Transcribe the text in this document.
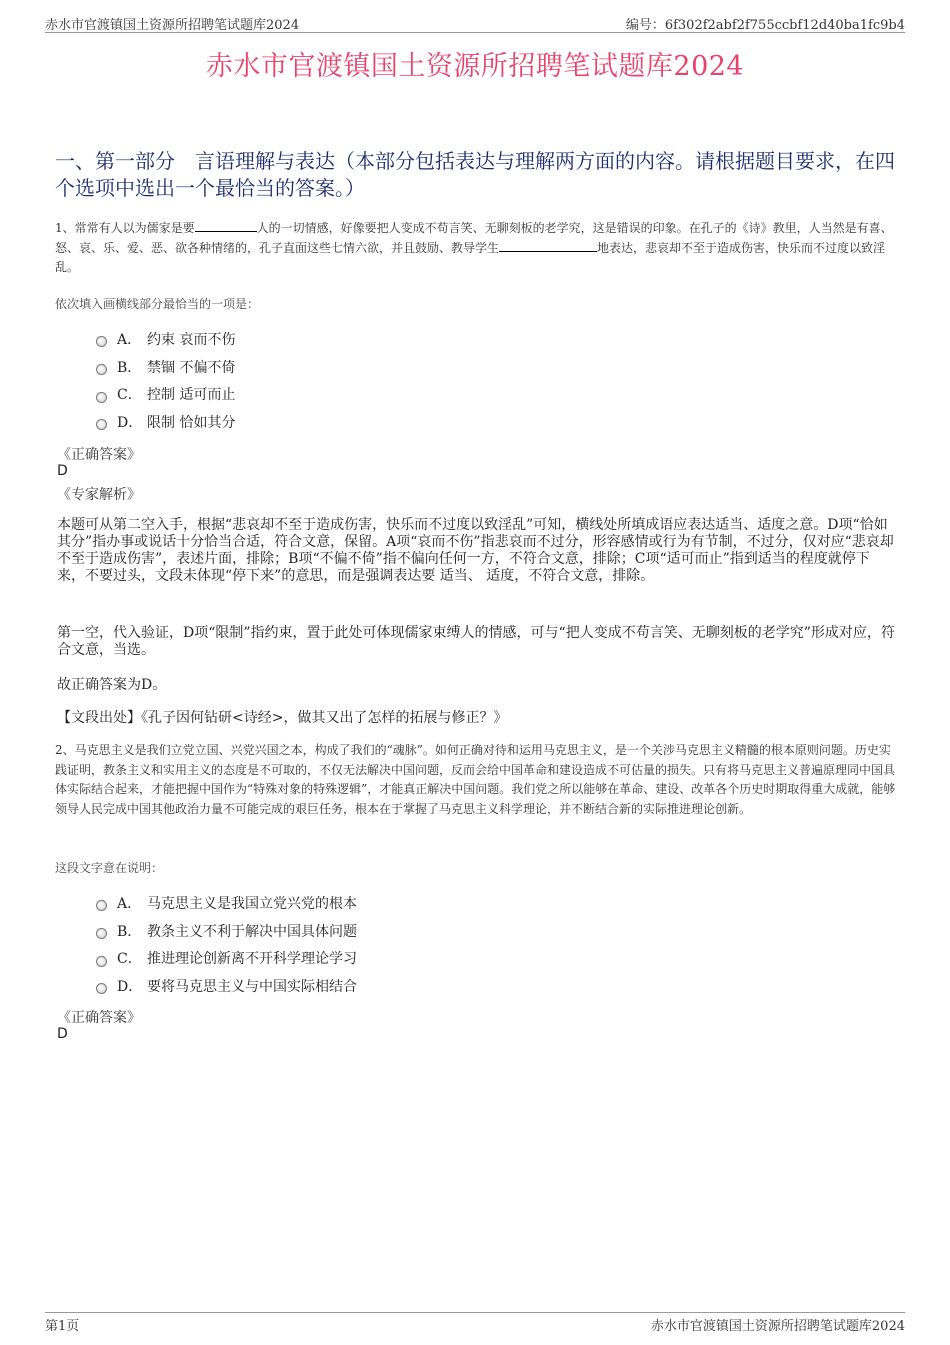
赤水市官渡镇国土资源所招聘笔试题库2024	编号：6f302f2abf2f755ccbf12d40ba1fc9b4
赤水市官渡镇国土资源所招聘笔试题库2024
一、第一部分　言语理解与表达（本部分包括表达与理解两方面的内容。请根据题目要求，在四个选项中选出一个最恰当的答案。）
1、常常有人以为儒家是要	人的一切情感，好像要把人变成不苟言笑、无聊刻板的老学究，这是错误的印象。在孔子的《诗》教里，人当然是有喜、怒、哀、乐、爱、恶、欲各种情绪的，孔子直面这些七情六欲，并且鼓励、教导学生	地表达，悲哀却不至于造成伤害，快乐而不过度以致淫乱。
依次填入画横线部分最恰当的一项是：
A． 约束 哀而不伤
B． 禁锢 不偏不倚
C． 控制 适可而止
D． 限制 恰如其分
《正确答案》
D
《专家解析》
本题可从第二空入手，根据“悲哀却不至于造成伤害，快乐而不过度以致淫乱”可知，横线处所填成语应表达适当、适度之意。D项“恰如其分”指办事或说话十分恰当合适，符合文意，保留。A项“哀而不伤”指悲哀而不过分，形容感情或行为有节制，不过分，仅对应“悲哀却不至于造成伤害”，表述片面，排除；B项“不偏不倚”指不偏向任何一方，不符合文意，排除；C项“适可而止”指到适当的程度就停下来，不要过头，文段未体现“停下来”的意思，而是强调表达要 适当、 适度，不符合文意，排除。
第一空，代入验证，D项“限制”指约束，置于此处可体现儒家束缚人的情感，可与“把人变成不苟言笑、无聊刻板的老学究”形成对应，符合文意，当选。
故正确答案为D。
【文段出处】《孔子因何钻研<诗经>，做其又出了怎样的拓展与修正？》
2、马克思主义是我们立党立国、兴党兴国之本，构成了我们的“魂脉”。如何正确对待和运用马克思主义，是一个关涉马克思主义精髓的根本原则问题。历史实践证明，教条主义和实用主义的态度是不可取的，不仅无法解决中国问题，反而会给中国革命和建设造成不可估量的损失。只有将马克思主义普遍原理同中国具体实际结合起来，才能把握中国作为“特殊对象的特殊逻辑”，才能真正解决中国问题。我们党之所以能够在革命、建设、改革各个历史时期取得重大成就，能够领导人民完成中国其他政治力量不可能完成的艰巨任务，根本在于掌握了马克思主义科学理论，并不断结合新的实际推进理论创新。
这段文字意在说明：
A． 马克思主义是我国立党兴党的根本
B． 教条主义不利于解决中国具体问题
C． 推进理论创新离不开科学理论学习
D． 要将马克思主义与中国实际相结合
《正确答案》
D
第1页	赤水市官渡镇国土资源所招聘笔试题库2024
